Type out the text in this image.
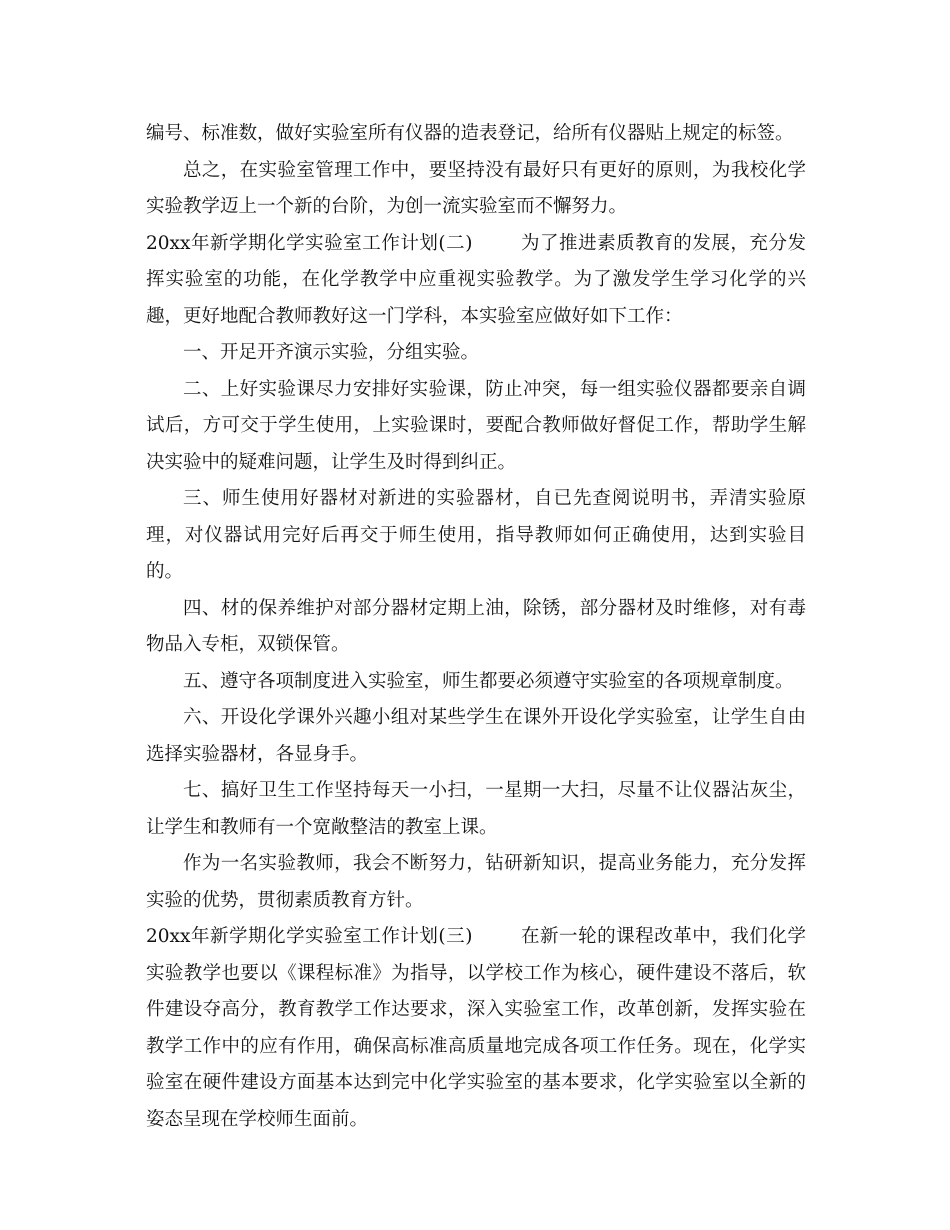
编号、标准数，做好实验室所有仪器的造表登记，给所有仪器贴上规定的标签。

总之，在实验室管理工作中，要坚持没有最好只有更好的原则，为我校化学实验教学迈上一个新的台阶，为创一流实验室而不懈努力。

20xx年新学期化学实验室工作计划(二)	为了推进素质教育的发展，充分发挥实验室的功能，在化学教学中应重视实验教学。为了激发学生学习化学的兴趣，更好地配合教师教好这一门学科，本实验室应做好如下工作：

一、开足开齐演示实验，分组实验。

二、上好实验课尽力安排好实验课，防止冲突，每一组实验仪器都要亲自调试后，方可交于学生使用，上实验课时，要配合教师做好督促工作，帮助学生解决实验中的疑难问题，让学生及时得到纠正。

三、师生使用好器材对新进的实验器材，自已先查阅说明书，弄清实验原理，对仪器试用完好后再交于师生使用，指导教师如何正确使用，达到实验目的。

四、材的保养维护对部分器材定期上油，除锈，部分器材及时维修，对有毒物品入专柜，双锁保管。

五、遵守各项制度进入实验室，师生都要必须遵守实验室的各项规章制度。

六、开设化学课外兴趣小组对某些学生在课外开设化学实验室，让学生自由选择实验器材，各显身手。

七、搞好卫生工作坚持每天一小扫，一星期一大扫，尽量不让仪器沾灰尘，让学生和教师有一个宽敞整洁的教室上课。

作为一名实验教师，我会不断努力，钻研新知识，提高业务能力，充分发挥实验的优势，贯彻素质教育方针。

20xx年新学期化学实验室工作计划(三)	在新一轮的课程改革中，我们化学实验教学也要以《课程标准》为指导，以学校工作为核心，硬件建设不落后，软件建设夺高分，教育教学工作达要求，深入实验室工作，改革创新，发挥实验在教学工作中的应有作用，确保高标准高质量地完成各项工作任务。现在，化学实验室在硬件建设方面基本达到完中化学实验室的基本要求，化学实验室以全新的姿态呈现在学校师生面前。
